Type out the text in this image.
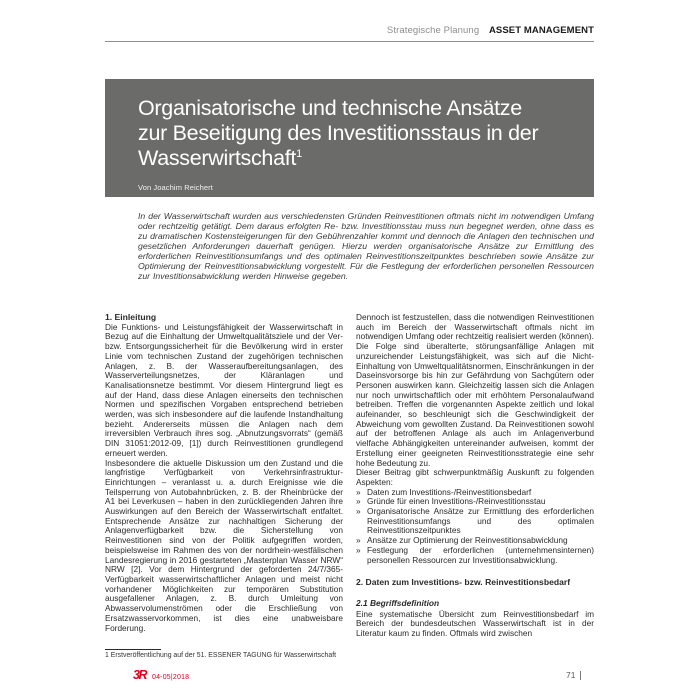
Strategische Planung ASSET MANAGEMENT
Organisatorische und technische Ansätze
zur Beseitigung des Investitionsstaus in der
Wasserwirtschaft$^1$
Von Joachim Reichert
In der Wasserwirtschaft wurden aus verschiedensten Gründen Reinvestitionen oftmals nicht im notwendigen Umfang oder rechtzeitig getätigt. Dem daraus erfolgten Re- bzw. Investitionsstau muss nun begegnet werden, ohne dass es zu dramatischen Kostensteigerungen für den Gebührenzahler kommt und dennoch die Anlagen den technischen und gesetzlichen Anforderungen dauerhaft genügen. Hierzu werden organisatorische Ansätze zur Ermittlung des erforderlichen Reinvestitionsumfangs und des optimalen Reinvestitionszeitpunktes beschrieben sowie Ansätze zur Optimierung der Reinvestitionsabwicklung vorgestellt. Für die Festlegung der erforderlichen personellen Ressourcen zur Investitionsabwicklung werden Hinweise gegeben.
1. Einleitung

Die Funktions- und Leistungsfähigkeit der Wasserwirtschaft in Bezug auf die Einhaltung der Umweltqualitätsziele und der Ver- bzw. Entsorgungssicherheit für die Bevölkerung wird in erster Linie vom technischen Zustand der zugehörigen technischen Anlagen, z. B. der Wasseraufbereitungsanlagen, des Wasserverteilungsnetzes, der Kläranlagen und Kanalisationsnetze bestimmt. Vor diesem Hintergrund liegt es auf der Hand, dass diese Anlagen einerseits den technischen Normen und spezifischen Vorgaben entsprechend betrieben werden, was sich insbesondere auf die laufende Instandhaltung bezieht. Andererseits müssen die Anlagen nach dem irreversiblen Verbrauch ihres sog. „Abnutzungsvorrats“ (gemäß DIN 31051:2012-09, [1]) durch Reinvestitionen grundlegend erneuert werden.

Insbesondere die aktuelle Diskussion um den Zustand und die langfristige Verfügbarkeit von Verkehrsinfrastruktur-Einrichtungen – veranlasst u. a. durch Ereignisse wie die Teilsperrung von Autobahnbrücken, z. B. der Rheinbrücke der A1 bei Leverkusen – haben in den zurückliegenden Jahren ihre Auswirkungen auf den Bereich der Wasserwirtschaft entfaltet. Entsprechende Ansätze zur nachhaltigen Sicherung der Anlagenverfügbarkeit bzw. die Sicherstellung von Reinvestitionen sind von der Politik aufgegriffen worden, beispielsweise im Rahmen des von der nordrhein-westfälischen Landesregierung in 2016 gestarteten „Masterplan Wasser NRW“ NRW [2]. Vor dem Hintergrund der geforderten 24/7/365-Verfügbarkeit wasserwirtschaftlicher Anlagen und meist nicht vorhandener Möglichkeiten zur temporären Substitution ausgefallener Anlagen, z. B. durch Umleitung von Abwasservolumenströmen oder die Erschließung von Ersatzwasservorkommen, ist dies eine unabweisbare Forderung.

1 Erstveröffentlichung auf der 51. ESSENER TAGUNG für Wasserwirtschaft

Dennoch ist festzustellen, dass die notwendigen Reinvestitionen auch im Bereich der Wasserwirtschaft oftmals nicht im notwendigen Umfang oder rechtzeitig realisiert werden (können). Die Folge sind überalterte, störungsanfällige Anlagen mit unzureichender Leistungsfähigkeit, was sich auf die Nicht-Einhaltung von Umweltqualitätsnormen, Einschränkungen in der Daseinsvorsorge bis hin zur Gefährdung von Sachgütern oder Personen auswirken kann. Gleichzeitig lassen sich die Anlagen nur noch unwirtschaftlich oder mit erhöhtem Personalaufwand betreiben. Treffen die vorgenannten Aspekte zeitlich und lokal aufeinander, so beschleunigt sich die Geschwindigkeit der Abweichung vom gewollten Zustand. Da Reinvestitionen sowohl auf der betroffenen Anlage als auch im Anlagenverbund vielfache Abhängigkeiten untereinander aufweisen, kommt der Erstellung einer geeigneten Reinvestitionsstrategie eine sehr hohe Bedeutung zu.

Dieser Beitrag gibt schwerpunktmäßig Auskunft zu folgenden Aspekten:

» Daten zum Investitions-/Reinvestitionsbedarf
» Gründe für einen Investitions-/Reinvestitionsstau
» Organisatorische Ansätze zur Ermittlung des erforderlichen Reinvestitionsumfangs und des optimalen Reinvestitionszeitpunktes
» Ansätze zur Optimierung der Reinvestitionsabwicklung
» Festlegung der erforderlichen (unternehmensinternen) personellen Ressourcen zur Investitionsabwicklung.
2. Daten zum Investitions- bzw. Reinvestitionsbedarf
2.1 Begriffsdefinition

Eine systematische Übersicht zum Reinvestitionsbedarf im Bereich der bundesdeutschen Wasserwirtschaft ist in der Literatur kaum zu finden. Oftmals wird zwischen

3R 04-05|2018	71
